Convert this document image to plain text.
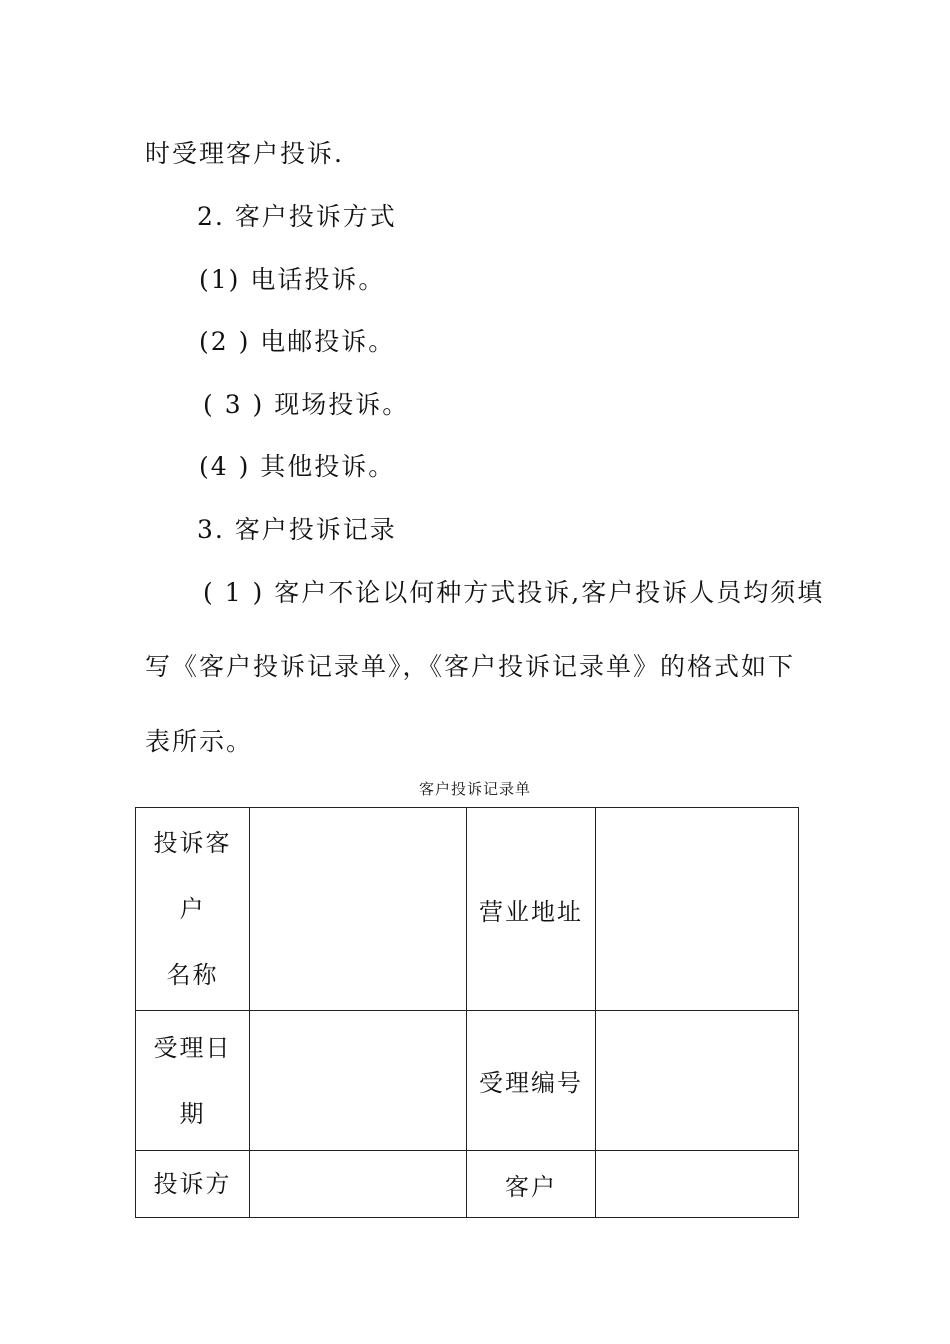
时受理客户投诉.
2. 客户投诉方式
(1) 电话投诉。
(2 ) 电邮投诉。
( 3 ) 现场投诉。
(4 ) 其他投诉。
3. 客户投诉记录
( 1 ) 客户不论以何种方式投诉,客户投诉人员均须填
写《客户投诉记录单》，《客户投诉记录单》的格式如下
表所示。
客户投诉记录单
投诉客
户
名称		营业地址	

受理日
期		受理编号	

投诉方		客户	
